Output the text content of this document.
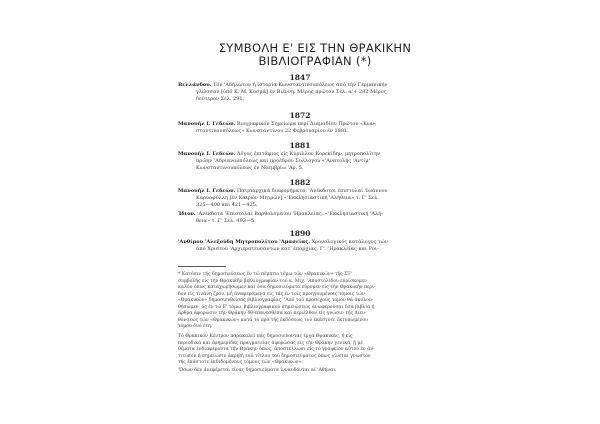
ΣΥΜΒΟΛΗ Ε' ΕΙΣ ΤΗΝ ΘΡΑΚΙΚΗΝ
ΒΙΒΛΙΟΓΡΑΦΙΑΝ (*)
1847
Βελλάνδου. Τόν 'Αδήλωτον ή ίστορία Κωνσταντινουπόλεως από τήν Γερμανικήν
γλώσσαν [ύπό Κ. Μ. Κοσμά] έν Βιέννη. Μέρος πρώτον Σελ. α'+ 282 Μέρος
δεύτερον Σελ. 291.
1872
Μανουήλ Ι. Γεδεών. Βιογραφικόν Σημείωμα περί Διαμαδίου Πρώτου «Κων-
σταντινουπόλεως» Κωνσταντίνου 22 Φεβρουαρίου έν 1881.
1881
Μανουήλ Ι. Γεδεών. Λόγος έπιτάφιος είς Κύριλλον Κορεκίδην, μητροπολίτην
πρώην 'Αδριανουπόλεως και προέδρου Συλλόγου «'Ανατολής 'Αντίμ'
Κωνσταντινουπόλεως έν Νοεμβρίω 'Αρ. 5.
1882
Μανουήλ Ι. Γεδεών. Πατριαρχικά διαφορήματα. 'Ανέκδοτοι έπιστολαί 'Ιωάννου
Καρυοφύλλη [έν Καιρών Μητρών] «'Εκκλησιαστική 'Αλήθεια» τ. Γ' Σελ.
325—400 και 421—425.
Ίδιον. 'Ανέκδοτα 'Επιστολαί Βαρθολομαίου 'Ηρακλείας. «'Εκκλησιαστική 'Αλή-
θεια» τ. Γ' Σελ. 493—5.
1890
'Ανθίμου 'Αλεξούδη Μητροπολίτου 'Αμασείας. Χρονολογικός κατάλογος τών
άπό Χριστού 'Αρχιερατευσάντων κατ' έπαρχίας. Γ'. 'Ηρακλείας και Ροι-
* Κατόπιν τής δημοσιεύσεως έν τώ πέμπτω τόμω τών «Θρακικών» τής ΣΤ'
συμβολής είς τήν Θρακικήν βιβλιογραφίαν τού κ. Μιχ. 'Αποστολίδου εύρίσκομεν
καλόν όπως καταχωρήσωμεν και όσα δημοσιεύματα εύρομεν είς τήν Θρακικήν περί-
δον είς τινάνη ζρόν, μή άναφερόμενα είς τάς έν τοίς προηγουμένοις τόμοις τών
«Θρακικών» δημοσιευθείσας βιβλιογραφίας. 'Από τού προσεχούς τόμου θά άκολου-
θήσωμεν, ός έν τώ Ε' τόμω, βιβλιογραφικού σημειώσεως άνωφερούσαι δσα βιβλία ή
άρθρα άφορώσιν τήν Θράκην δθ-έπανεσθέσα καί περιέλθον είς γνώσιν τής Διευ-
θύνσεως τών «Θρακικών» κατά τό πρό τής έκδόσεως τού έκάστοτε έκτυπωμένου
τόμου δυο έτη.
Τό Θρακικόν Κέντρον παρακαλεί πάς δημοσιεύοντας έργα Θρακικάς, ή είς
περιοδικά και έφημερίδας πραγματείας άφορώσας είς τήν Θράκην γενικά, ή μέ
θέματα ένδιαφέροντα τήν Θράκην όπως, άποστέλλωσι είς τό γραφείον αύτού έν άν-
τιτύπον ή σημείωσιν άκριβή τού τίτλου τού δημοσιεύματος όπως γίνεται γνωστόν
τής έκάστοτε έκδιδομένους τόμους τών «Θρακικών».
'Όσων δέν άνεφέρεται τίνας δημοσιεύματα ίνναυδόνται αί 'Αθήναι.
